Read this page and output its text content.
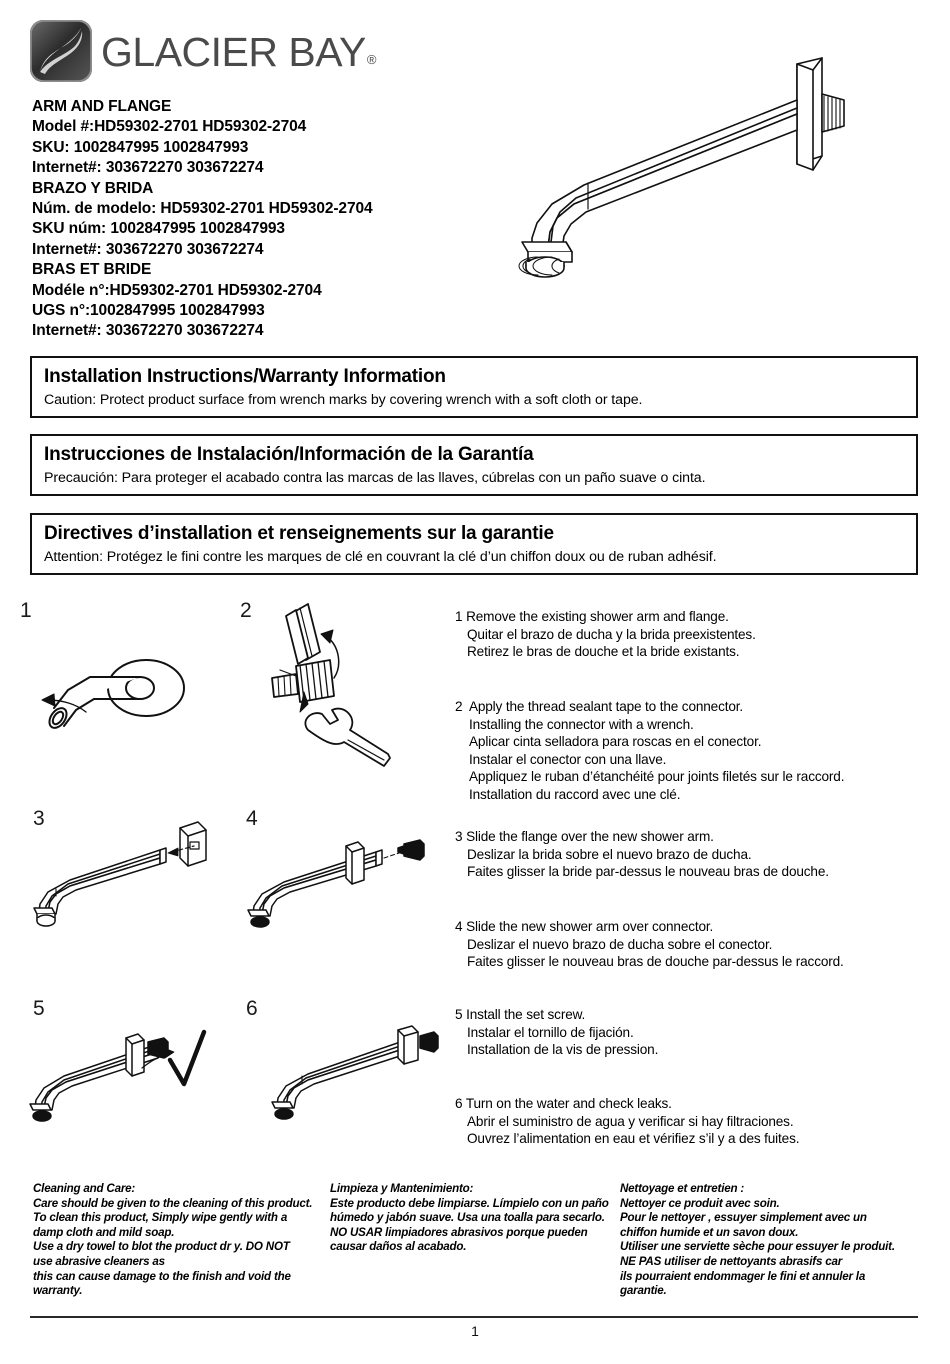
GLACIER BAY®
ARM AND FLANGE
Model #:HD59302-2701 HD59302-2704
SKU: 1002847995 1002847993
Internet#: 303672270 303672274
BRAZO Y BRIDA
Núm. de modelo: HD59302-2701 HD59302-2704
SKU núm: 1002847995 1002847993
Internet#: 303672270 303672274
BRAS ET BRIDE
Modéle n°:HD59302-2701 HD59302-2704
UGS n°:1002847995 1002847993
Internet#: 303672270 303672274
Installation Instructions/Warranty Information
Caution: Protect product surface from wrench marks by covering wrench with a soft cloth or tape.
Instrucciones de Instalación/Información de la Garantía
Precaución: Para proteger el acabado contra las marcas de las llaves, cúbrelas con un paño suave o cinta.
Directives d’installation et renseignements sur la garantie
Attention: Protégez le fini contre les marques de clé en couvrant la clé d’un chiffon doux ou de ruban adhésif.
1	2
3	4
5	6
1 Remove the existing shower arm and flange.
Quitar el brazo de ducha y la brida preexistentes.
Retirez le bras de douche et la bride existants.
2 Apply the thread sealant tape to the connector.
Installing the connector with a wrench.
Aplicar cinta selladora para roscas en el conector.
Instalar el conector con una llave.
Appliquez le ruban d’étanchéité pour joints filetés sur le raccord.
Installation du raccord avec une clé.
3 Slide the flange over the new shower arm.
Deslizar la brida sobre el nuevo brazo de ducha.
Faites glisser la bride par-dessus le nouveau bras de douche.
4 Slide the new shower arm over connector.
Deslizar el nuevo brazo de ducha sobre el conector.
Faites glisser le nouveau bras de douche par-dessus le raccord.
5 Install the set screw.
Instalar el tornillo de fijación.
Installation de la vis de pression.
6 Turn on the water and check leaks.
Abrir el suministro de agua y verificar si hay filtraciones.
Ouvrez l’alimentation en eau et vérifiez s’il y a des fuites.

Cleaning and Care:

Care should be given to the cleaning of this product.

To clean this product, Simply wipe gently with a

damp cloth and mild soap.

Use a dry towel to blot the product dr y. DO NOT

use abrasive cleaners as

this can cause damage to the finish and void the

warranty.

Limpieza y Mantenimiento:

Este producto debe limpiarse. Límpielo con un paño

húmedo y jabón suave. Usa una toalla para secarlo.

NO USAR limpiadores abrasivos porque pueden

causar daños al acabado.

Nettoyage et entretien :

Nettoyer ce produit avec soin.

Pour le nettoyer , essuyer simplement avec un

chiffon humide et un savon doux.

Utiliser une serviette sèche pour essuyer le produit.

NE PAS utiliser de nettoyants abrasifs car

ils pourraient endommager le fini et annuler la

garantie.

1
